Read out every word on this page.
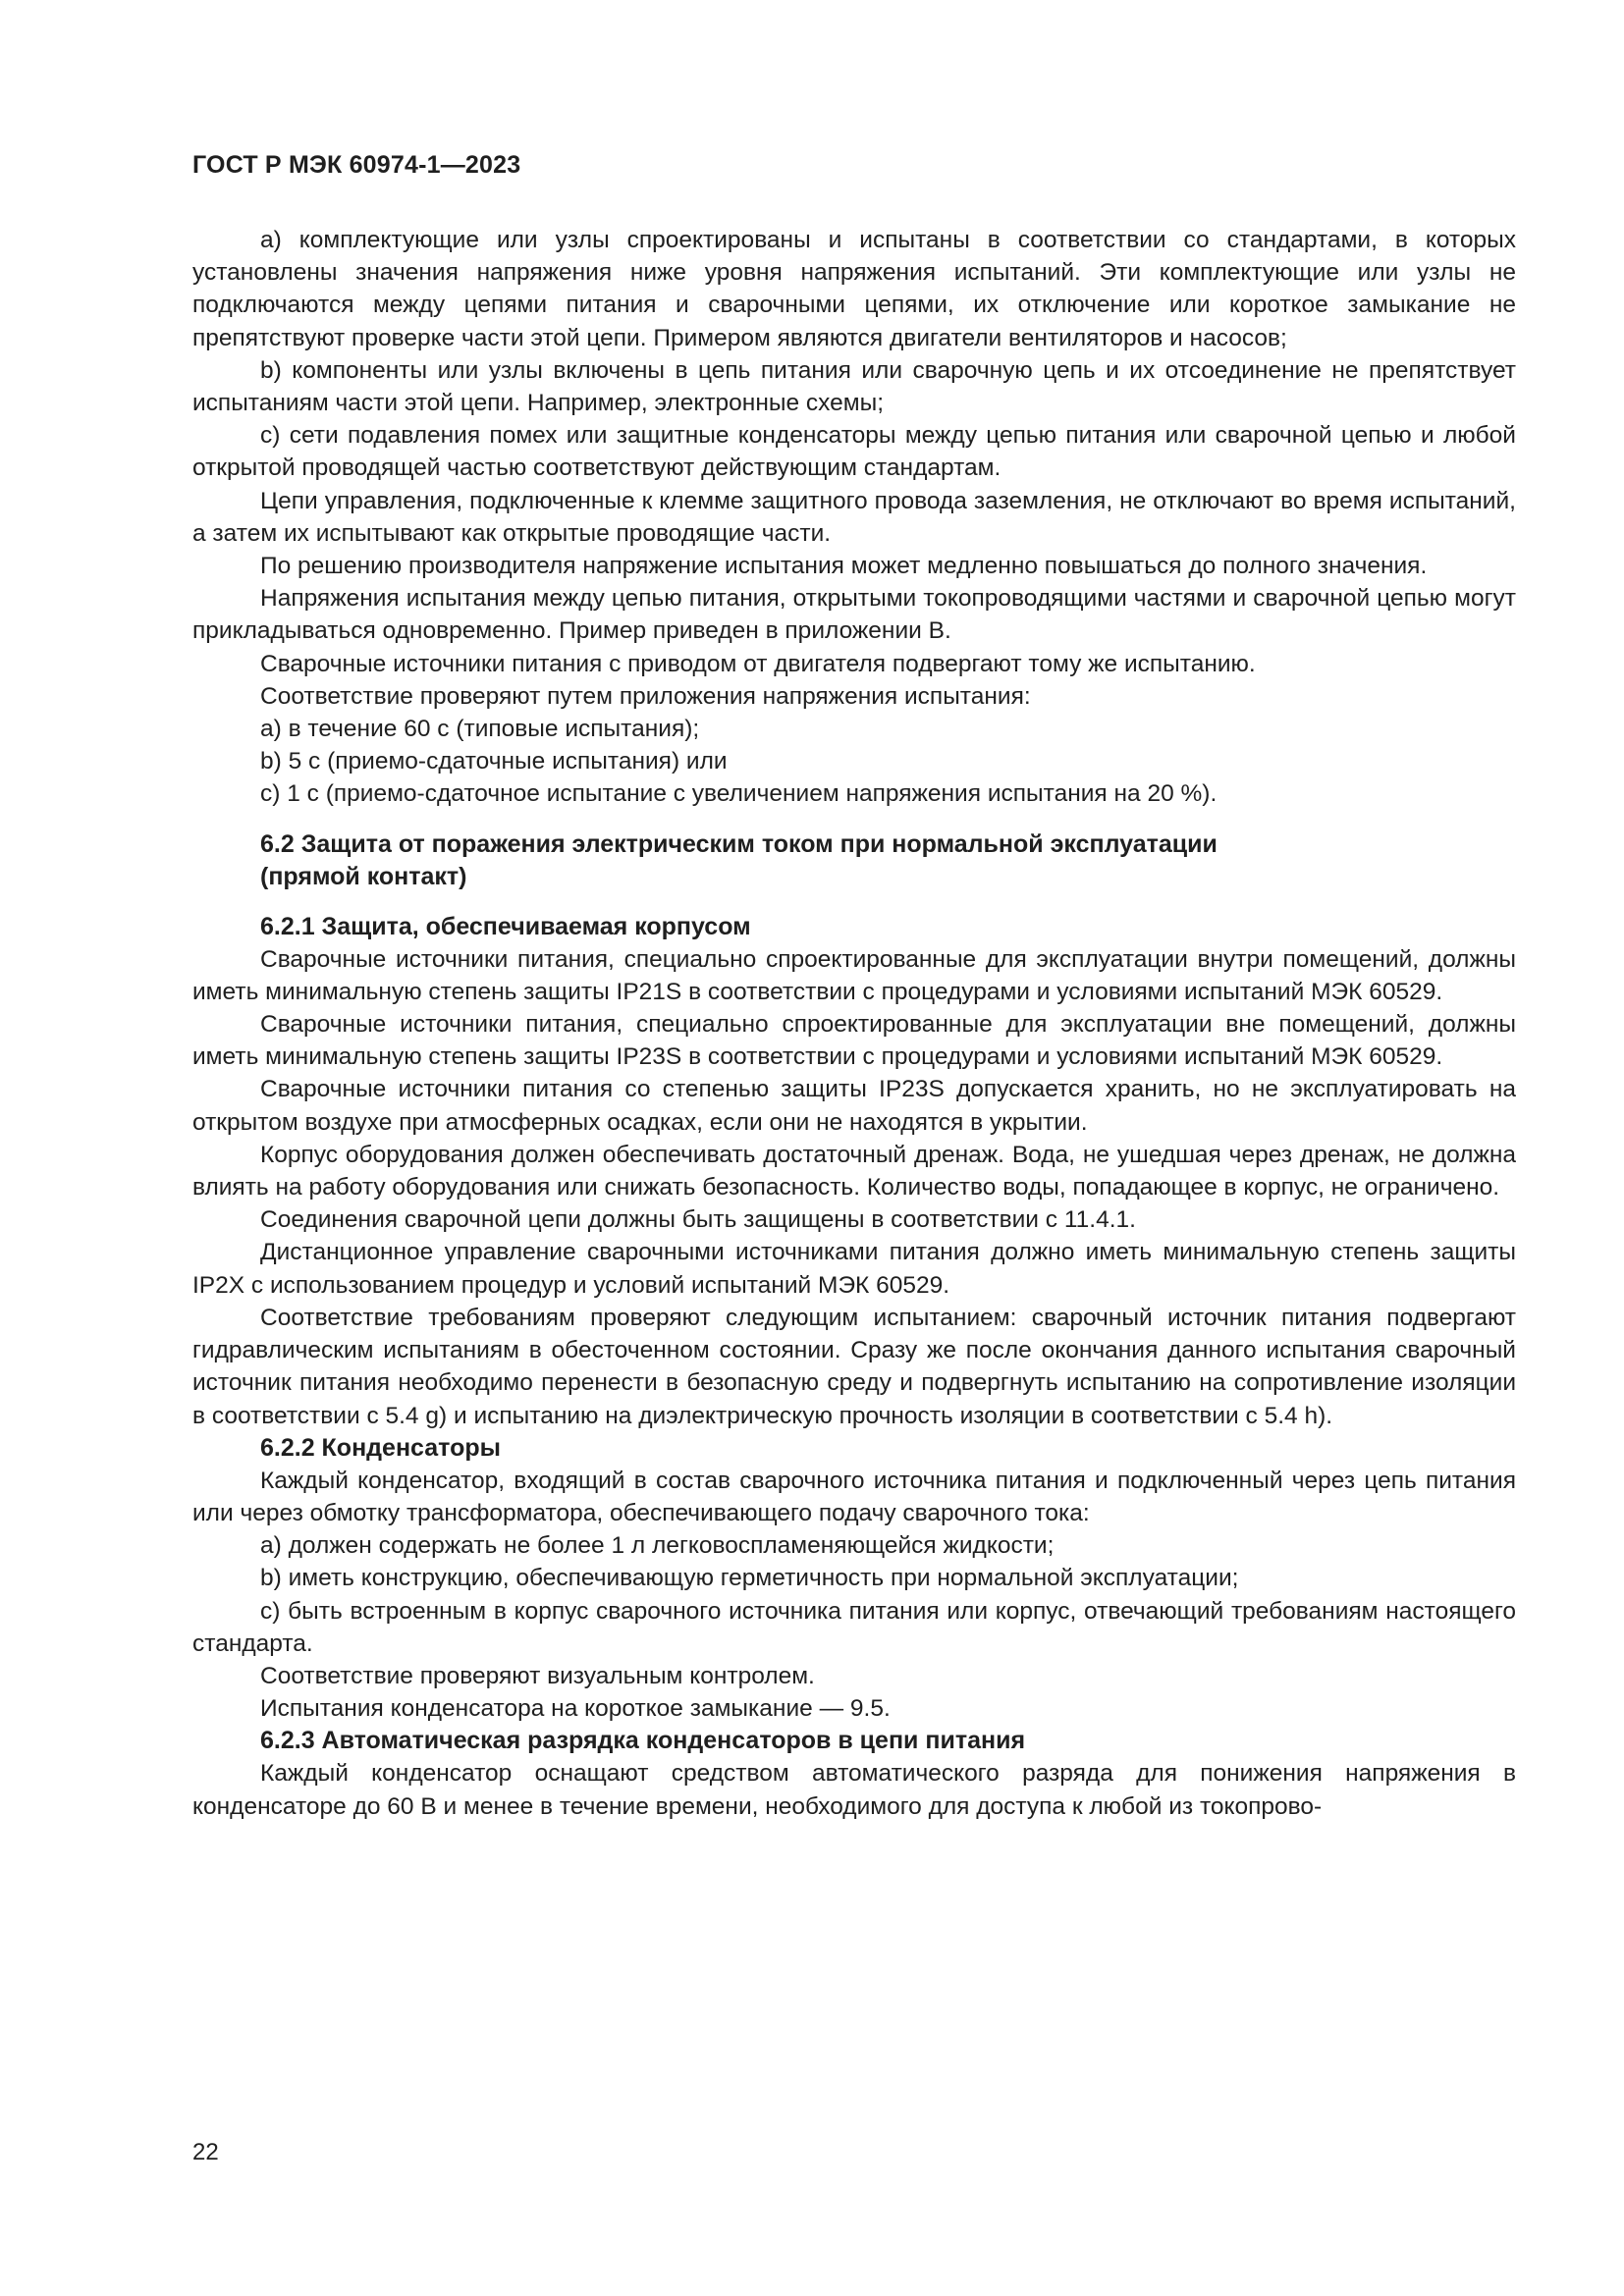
ГОСТ Р МЭК 60974-1—2023

a) комплектующие или узлы спроектированы и испытаны в соответствии со стандартами, в которых установлены значения напряжения ниже уровня напряжения испытаний. Эти комплектующие или узлы не подключаются между цепями питания и сварочными цепями, их отключение или короткое замыкание не препятствуют проверке части этой цепи. Примером являются двигатели вентиляторов и насосов;

b) компоненты или узлы включены в цепь питания или сварочную цепь и их отсоединение не препятствует испытаниям части этой цепи. Например, электронные схемы;

c) сети подавления помех или защитные конденсаторы между цепью питания или сварочной цепью и любой открытой проводящей частью соответствуют действующим стандартам.

Цепи управления, подключенные к клемме защитного провода заземления, не отключают во время испытаний, а затем их испытывают как открытые проводящие части.

По решению производителя напряжение испытания может медленно повышаться до полного значения.

Напряжения испытания между цепью питания, открытыми токопроводящими частями и сварочной цепью могут прикладываться одновременно. Пример приведен в приложении B.

Сварочные источники питания с приводом от двигателя подвергают тому же испытанию.

Соответствие проверяют путем приложения напряжения испытания:

a) в течение 60 с (типовые испытания);

b) 5 с (приемо-сдаточные испытания) или

c) 1 с (приемо-сдаточное испытание с увеличением напряжения испытания на 20 %).

6.2 Защита от поражения электрическим током при нормальной эксплуатации
(прямой контакт)
6.2.1 Защита, обеспечиваемая корпусом

Сварочные источники питания, специально спроектированные для эксплуатации внутри помещений, должны иметь минимальную степень защиты IP21S в соответствии с процедурами и условиями испытаний МЭК 60529.

Сварочные источники питания, специально спроектированные для эксплуатации вне помещений, должны иметь минимальную степень защиты IP23S в соответствии с процедурами и условиями испытаний МЭК 60529.

Сварочные источники питания со степенью защиты IP23S допускается хранить, но не эксплуатировать на открытом воздухе при атмосферных осадках, если они не находятся в укрытии.

Корпус оборудования должен обеспечивать достаточный дренаж. Вода, не ушедшая через дренаж, не должна влиять на работу оборудования или снижать безопасность. Количество воды, попадающее в корпус, не ограничено.

Соединения сварочной цепи должны быть защищены в соответствии с 11.4.1.

Дистанционное управление сварочными источниками питания должно иметь минимальную степень защиты IP2X с использованием процедур и условий испытаний МЭК 60529.

Соответствие требованиям проверяют следующим испытанием: сварочный источник питания подвергают гидравлическим испытаниям в обесточенном состоянии. Сразу же после окончания данного испытания сварочный источник питания необходимо перенести в безопасную среду и подвергнуть испытанию на сопротивление изоляции в соответствии с 5.4 g) и испытанию на диэлектрическую прочность изоляции в соответствии с 5.4 h).

6.2.2 Конденсаторы

Каждый конденсатор, входящий в состав сварочного источника питания и подключенный через цепь питания или через обмотку трансформатора, обеспечивающего подачу сварочного тока:

a) должен содержать не более 1 л легковоспламеняющейся жидкости;

b) иметь конструкцию, обеспечивающую герметичность при нормальной эксплуатации;

c) быть встроенным в корпус сварочного источника питания или корпус, отвечающий требованиям настоящего стандарта.

Соответствие проверяют визуальным контролем.

Испытания конденсатора на короткое замыкание — 9.5.

6.2.3 Автоматическая разрядка конденсаторов в цепи питания

Каждый конденсатор оснащают средством автоматического разряда для понижения напряжения в конденсаторе до 60 В и менее в течение времени, необходимого для доступа к любой из токопрово-

22
